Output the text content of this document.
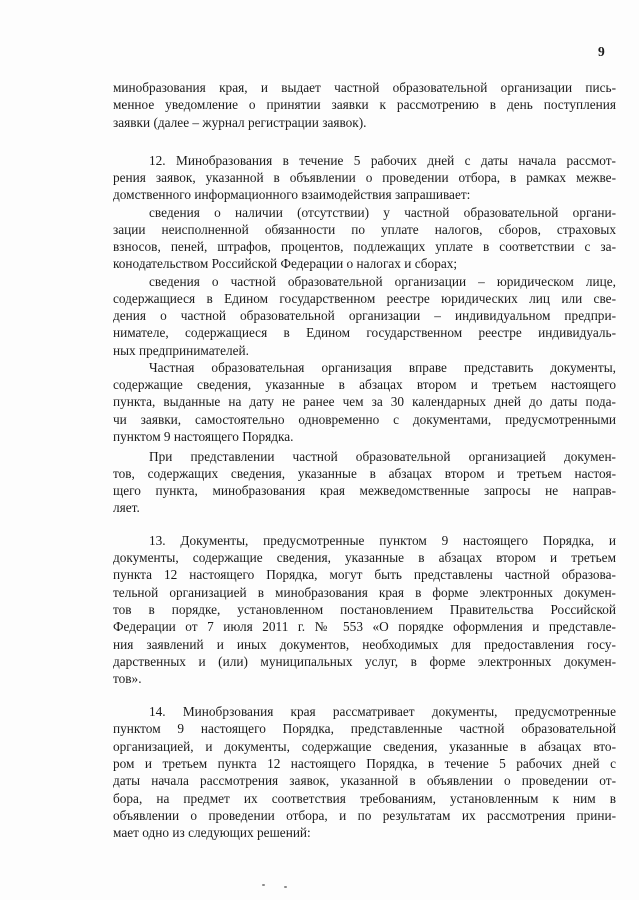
9
минобразования края, и выдает частной образовательной организации пись-
менное уведомление о принятии заявки к рассмотрению в день поступления
заявки (далее – журнал регистрации заявок).
12. Минобразования в течение 5 рабочих дней с даты начала рассмот-
рения заявок, указанной в объявлении о проведении отбора, в рамках межве-
домственного информационного взаимодействия запрашивает:
сведения о наличии (отсутствии) у частной образовательной органи-
зации неисполненной обязанности по уплате налогов, сборов, страховых
взносов, пеней, штрафов, процентов, подлежащих уплате в соответствии с за-
конодательством Российской Федерации о налогах и сборах;
сведения о частной образовательной организации – юридическом лице,
содержащиеся в Едином государственном реестре юридических лиц или све-
дения о частной образовательной организации – индивидуальном предпри-
нимателе, содержащиеся в Едином государственном реестре индивидуаль-
ных предпринимателей.
Частная образовательная организация вправе представить документы,
содержащие сведения, указанные в абзацах втором и третьем настоящего
пункта, выданные на дату не ранее чем за 30 календарных дней до даты пода-
чи заявки, самостоятельно одновременно с документами, предусмотренными
пунктом 9 настоящего Порядка.
При представлении частной образовательной организацией докумен-
тов, содержащих сведения, указанные в абзацах втором и третьем настоя-
щего пункта, минобразования края межведомственные запросы не направ-
ляет.
13. Документы, предусмотренные пунктом 9 настоящего Порядка, и
документы, содержащие сведения, указанные в абзацах втором и третьем
пункта 12 настоящего Порядка, могут быть представлены частной образова-
тельной организацией в минобразования края в форме электронных докумен-
тов в порядке, установленном постановлением Правительства Российской
Федерации от 7 июля 2011 г. № 553 «О порядке оформления и представле-
ния заявлений и иных документов, необходимых для предоставления госу-
дарственных и (или) муниципальных услуг, в форме электронных докумен-
тов».
14. Минобрзования края рассматривает документы, предусмотренные
пунктом 9 настоящего Порядка, представленные частной образовательной
организацией, и документы, содержащие сведения, указанные в абзацах вто-
ром и третьем пункта 12 настоящего Порядка, в течение 5 рабочих дней с
даты начала рассмотрения заявок, указанной в объявлении о проведении от-
бора, на предмет их соответствия требованиям, установленным к ним в
объявлении о проведении отбора, и по результатам их рассмотрения прини-
мает одно из следующих решений:
